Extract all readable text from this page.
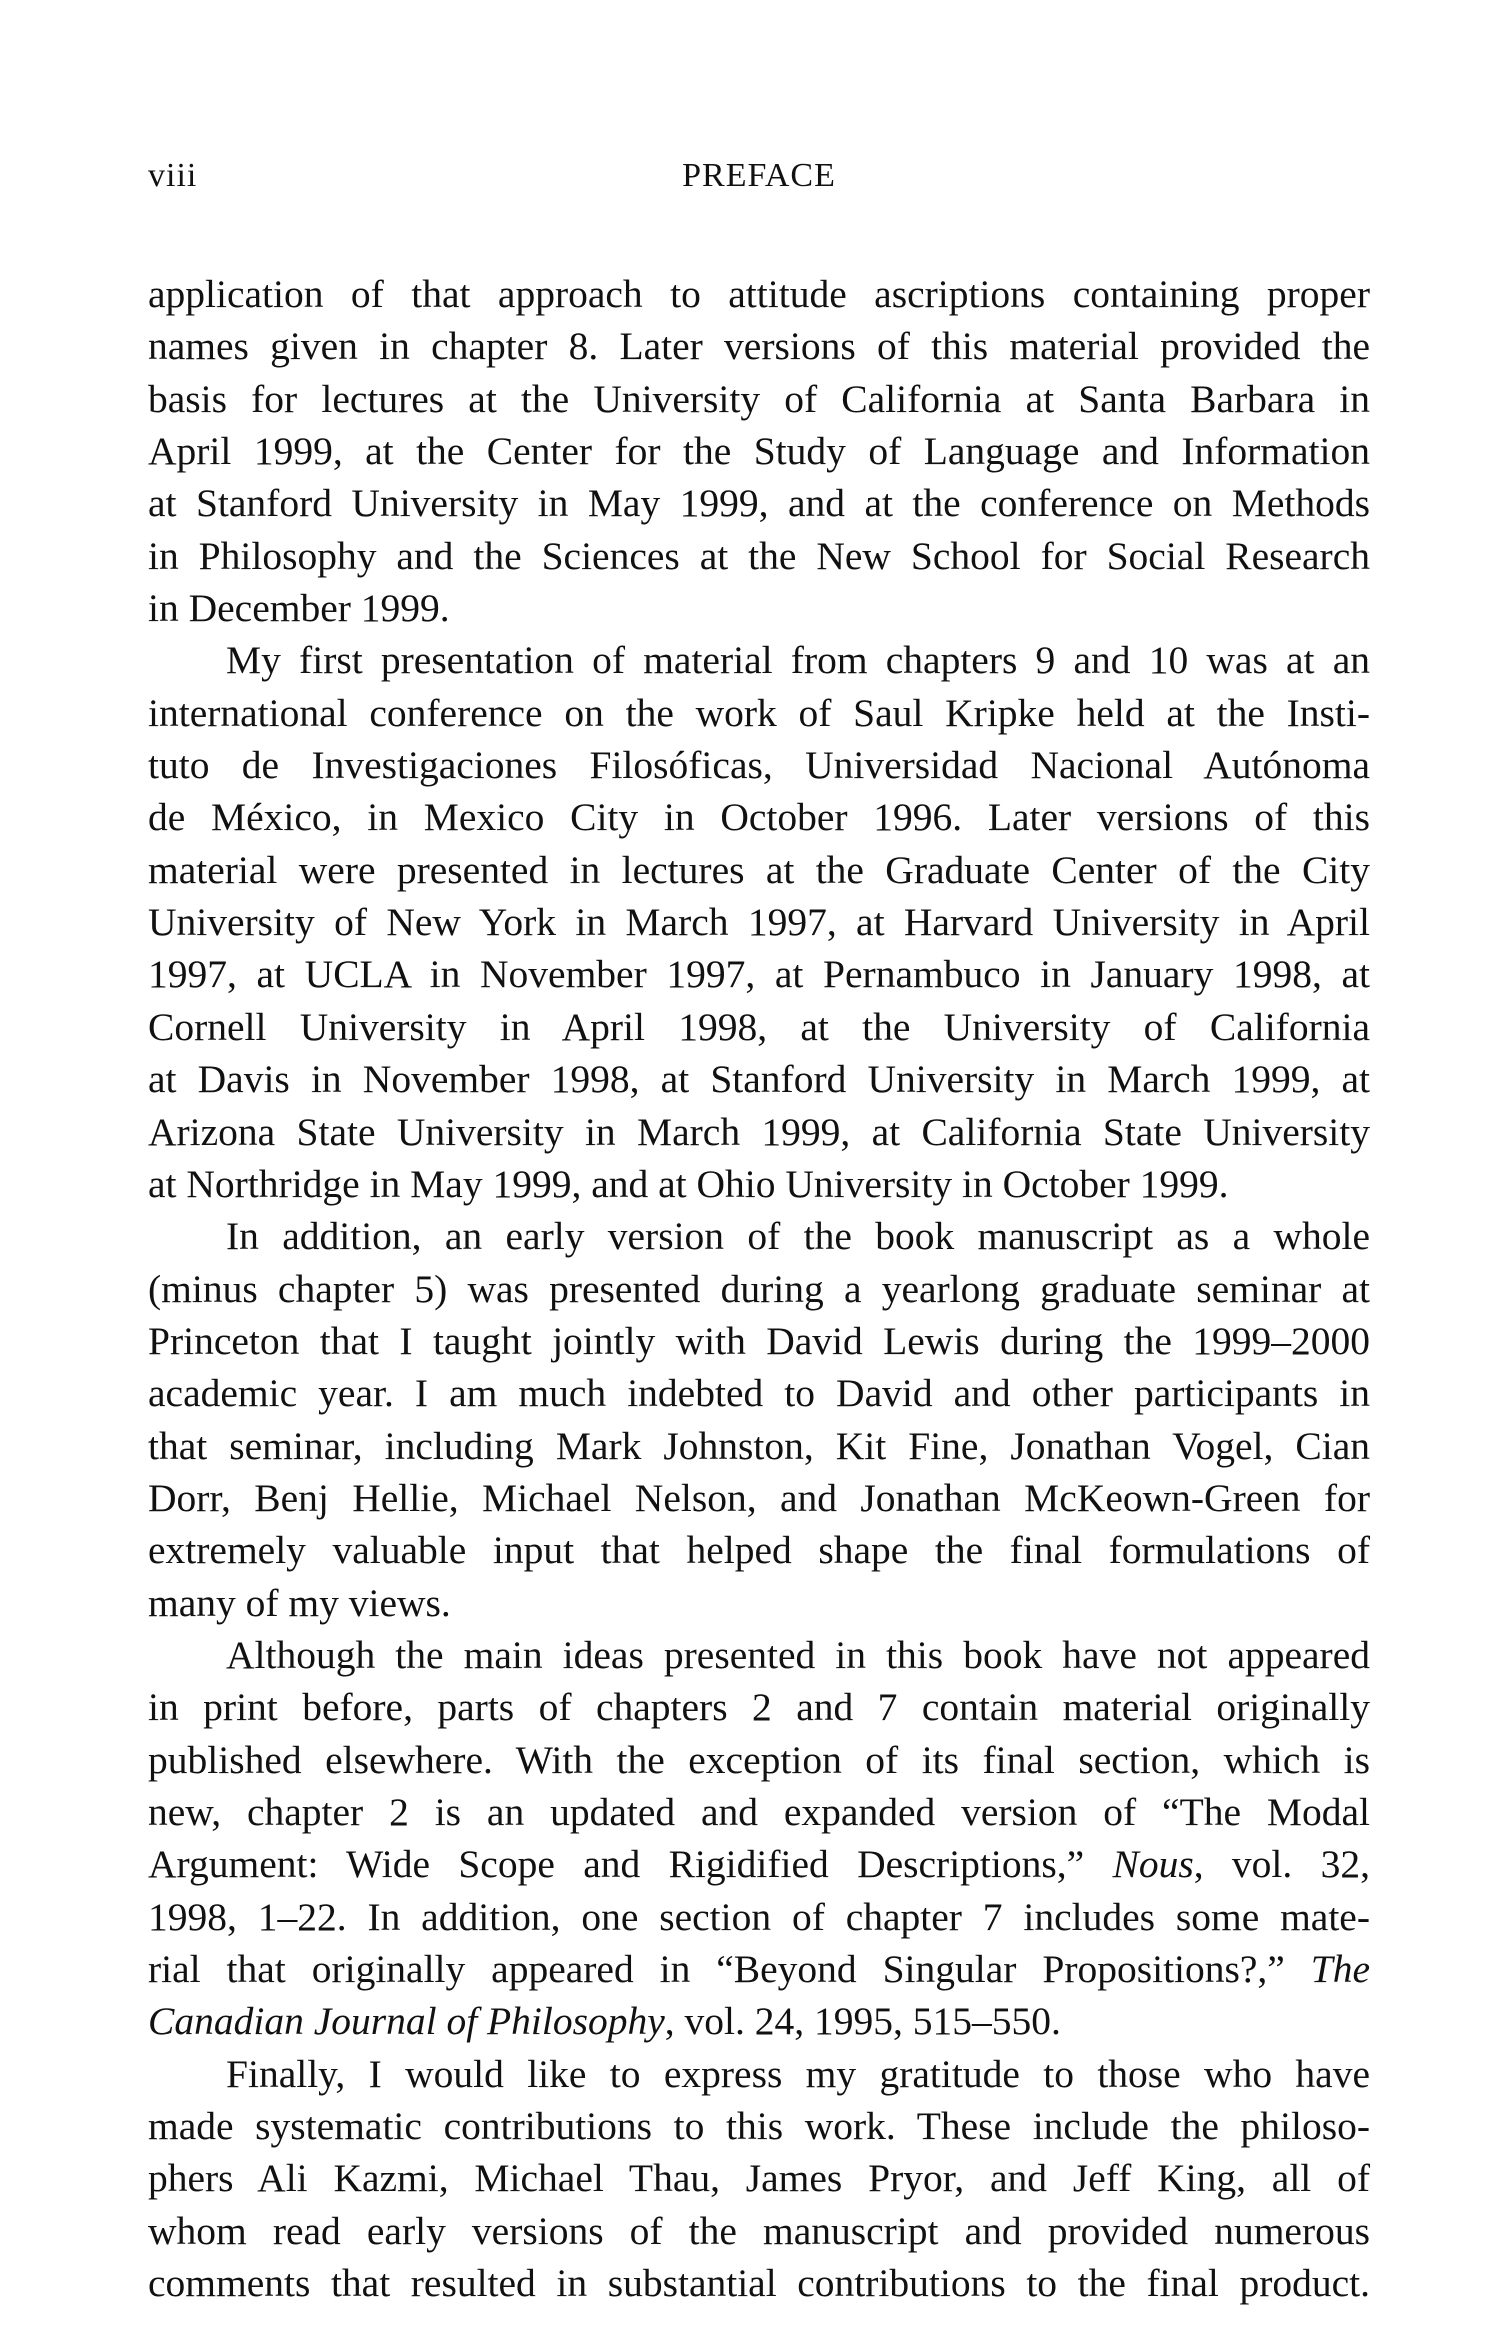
viii	PREFACE
application of that approach to attitude ascriptions containing proper
names given in chapter 8. Later versions of this material provided the
basis for lectures at the University of California at Santa Barbara in
April 1999, at the Center for the Study of Language and Information
at Stanford University in May 1999, and at the conference on Methods
in Philosophy and the Sciences at the New School for Social Research
in December 1999.
My first presentation of material from chapters 9 and 10 was at an
international conference on the work of Saul Kripke held at the Insti-
tuto de Investigaciones Filosóficas, Universidad Nacional Autónoma
de México, in Mexico City in October 1996. Later versions of this
material were presented in lectures at the Graduate Center of the City
University of New York in March 1997, at Harvard University in April
1997, at UCLA in November 1997, at Pernambuco in January 1998, at
Cornell University in April 1998, at the University of California
at Davis in November 1998, at Stanford University in March 1999, at
Arizona State University in March 1999, at California State University
at Northridge in May 1999, and at Ohio University in October 1999.
In addition, an early version of the book manuscript as a whole
(minus chapter 5) was presented during a yearlong graduate seminar at
Princeton that I taught jointly with David Lewis during the 1999–2000
academic year. I am much indebted to David and other participants in
that seminar, including Mark Johnston, Kit Fine, Jonathan Vogel, Cian
Dorr, Benj Hellie, Michael Nelson, and Jonathan McKeown-Green for
extremely valuable input that helped shape the final formulations of
many of my views.
Although the main ideas presented in this book have not appeared
in print before, parts of chapters 2 and 7 contain material originally
published elsewhere. With the exception of its final section, which is
new, chapter 2 is an updated and expanded version of “The Modal
Argument: Wide Scope and Rigidified Descriptions,” Nous, vol. 32,
1998, 1–22. In addition, one section of chapter 7 includes some mate-
rial that originally appeared in “Beyond Singular Propositions?,” The
Canadian Journal of Philosophy, vol. 24, 1995, 515–550.
Finally, I would like to express my gratitude to those who have
made systematic contributions to this work. These include the philoso-
phers Ali Kazmi, Michael Thau, James Pryor, and Jeff King, all of
whom read early versions of the manuscript and provided numerous
comments that resulted in substantial contributions to the final product.
